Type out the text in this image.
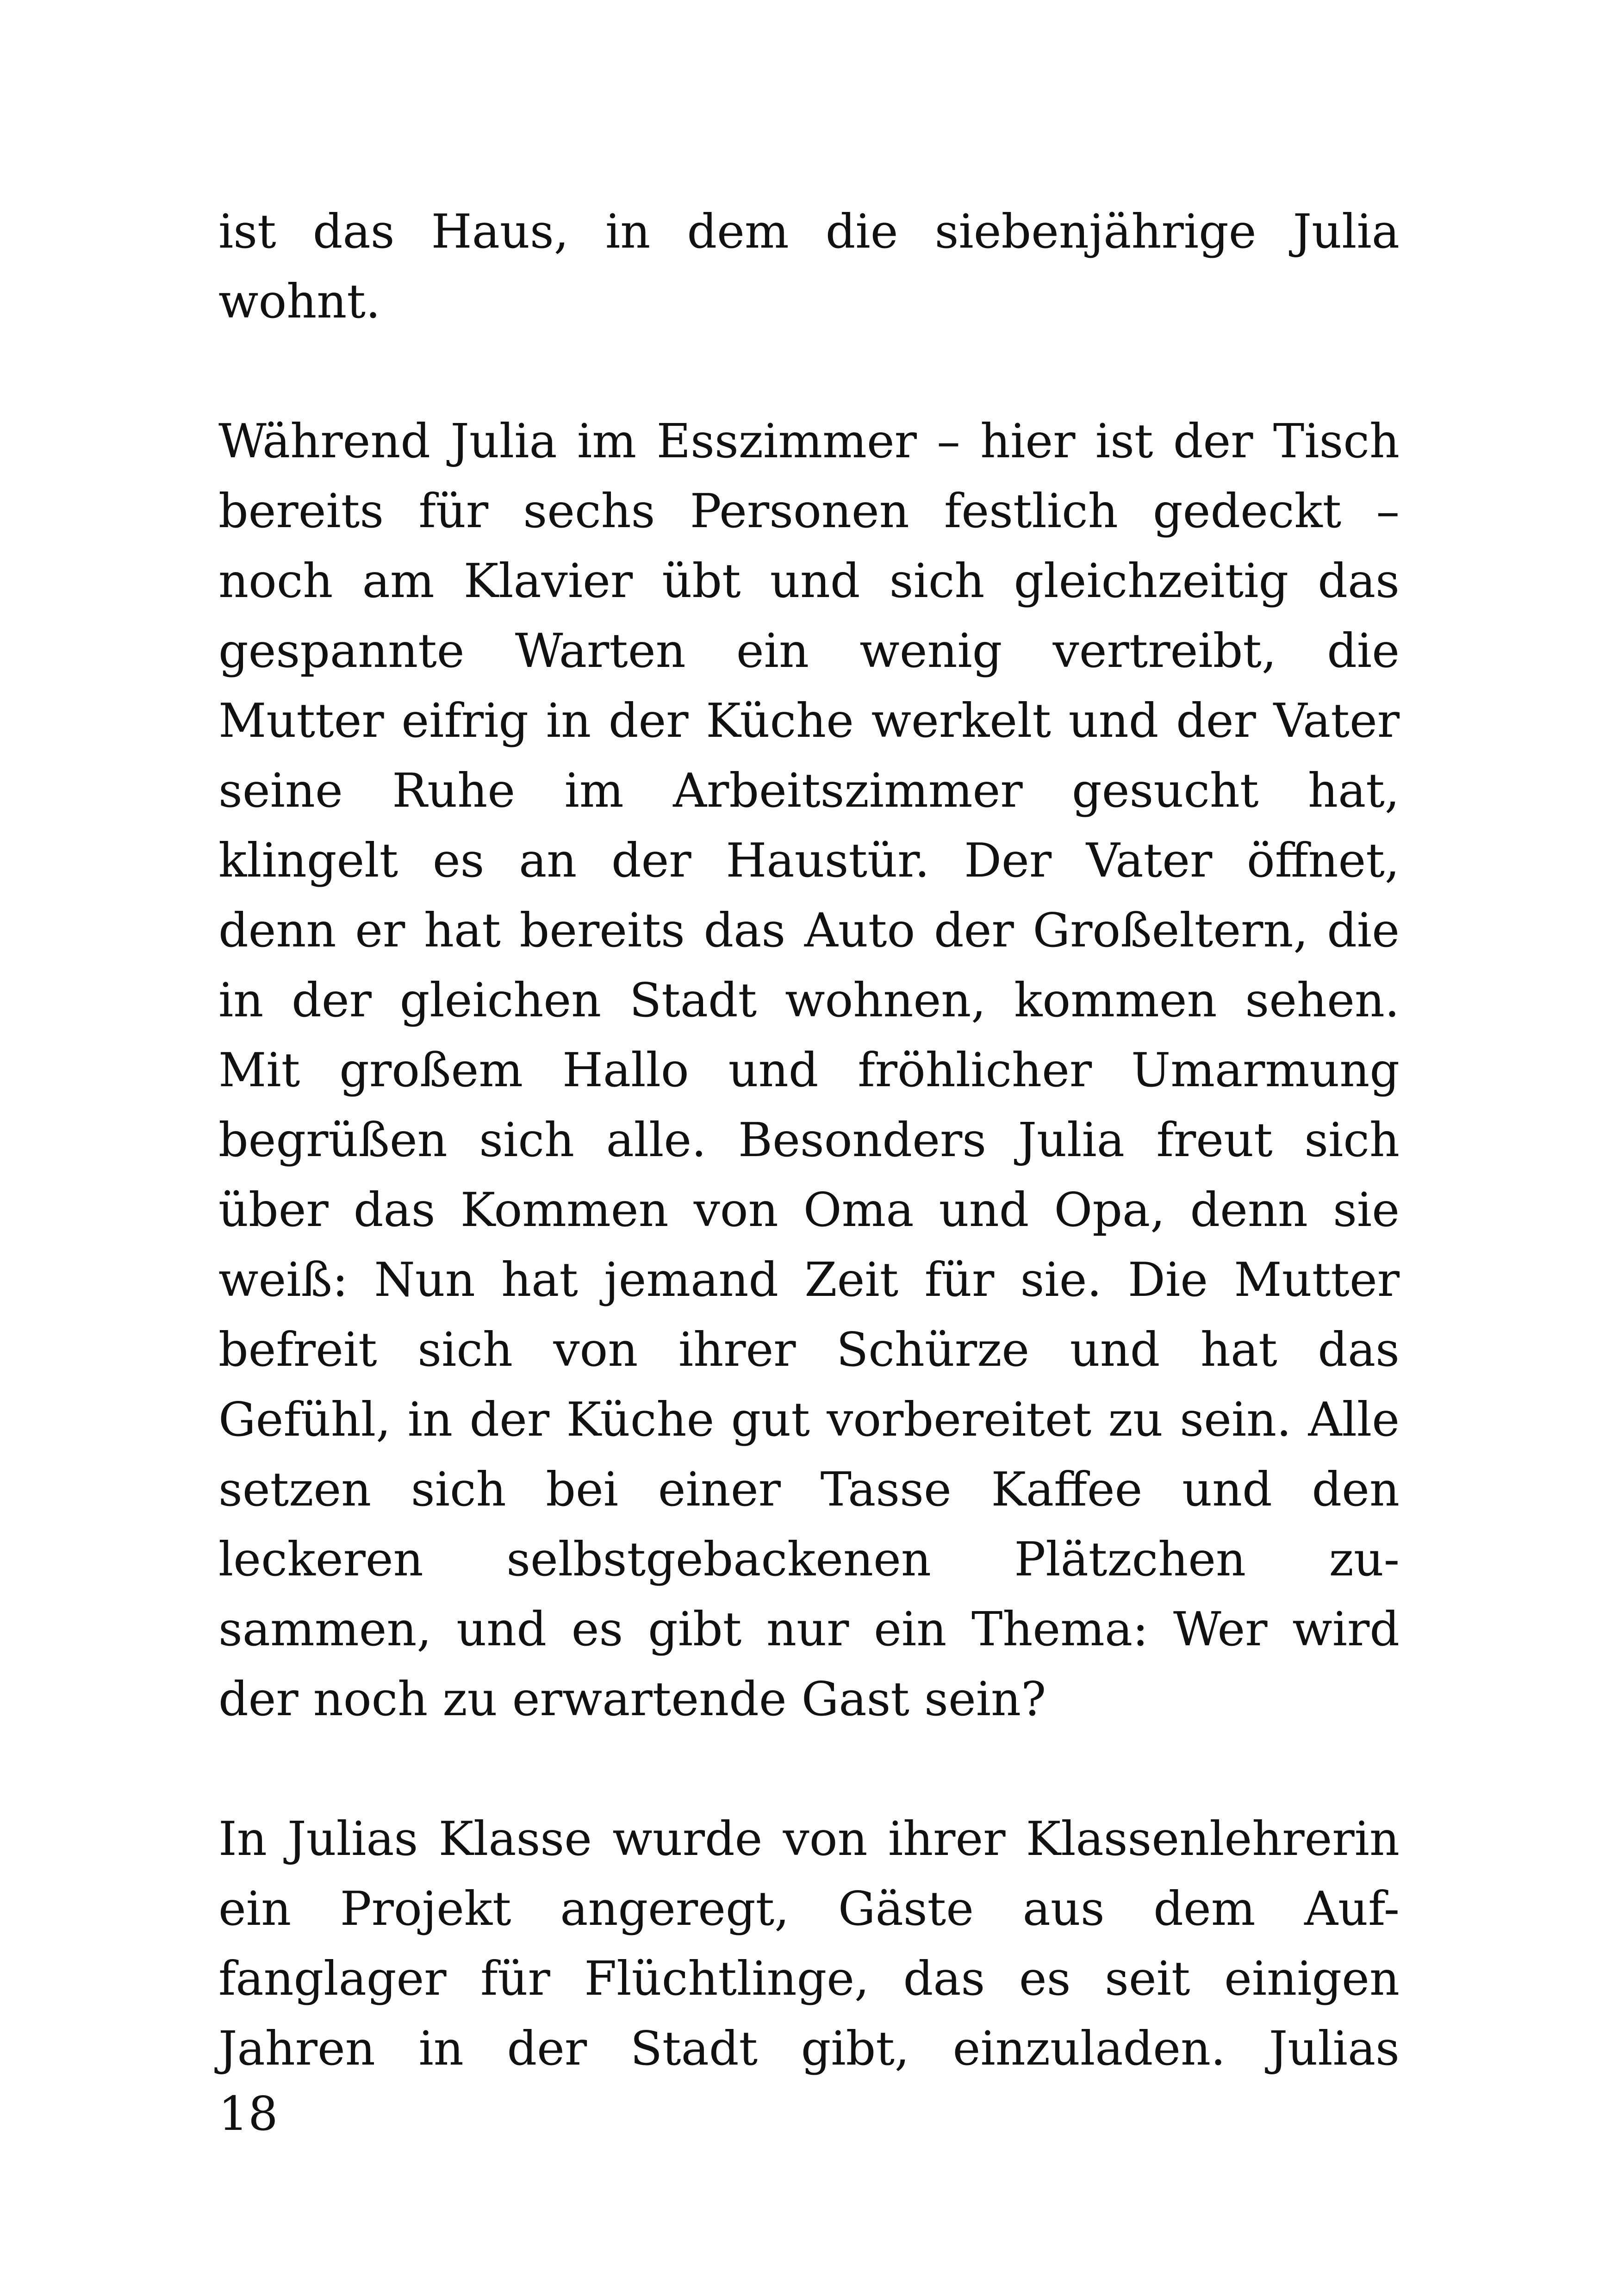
ist das Haus, in dem die siebenjährige Julia
wohnt.

Während Julia im Esszimmer – hier ist der Tisch
bereits für sechs Personen festlich gedeckt –
noch am Klavier übt und sich gleichzeitig das
gespannte Warten ein wenig vertreibt, die
Mutter eifrig in der Küche werkelt und der Vater
seine Ruhe im Arbeitszimmer gesucht hat,
klingelt es an der Haustür. Der Vater öffnet,
denn er hat bereits das Auto der Großeltern, die
in der gleichen Stadt wohnen, kommen sehen.
Mit großem Hallo und fröhlicher Umarmung
begrüßen sich alle. Besonders Julia freut sich
über das Kommen von Oma und Opa, denn sie
weiß: Nun hat jemand Zeit für sie. Die Mutter
befreit sich von ihrer Schürze und hat das
Gefühl, in der Küche gut vorbereitet zu sein. Alle
setzen sich bei einer Tasse Kaffee und den
leckeren selbstgebackenen Plätzchen zu-
sammen, und es gibt nur ein Thema: Wer wird
der noch zu erwartende Gast sein?

In Julias Klasse wurde von ihrer Klassenlehrerin
ein Projekt angeregt, Gäste aus dem Auf-
fanglager für Flüchtlinge, das es seit einigen
Jahren in der Stadt gibt, einzuladen. Julias

18
